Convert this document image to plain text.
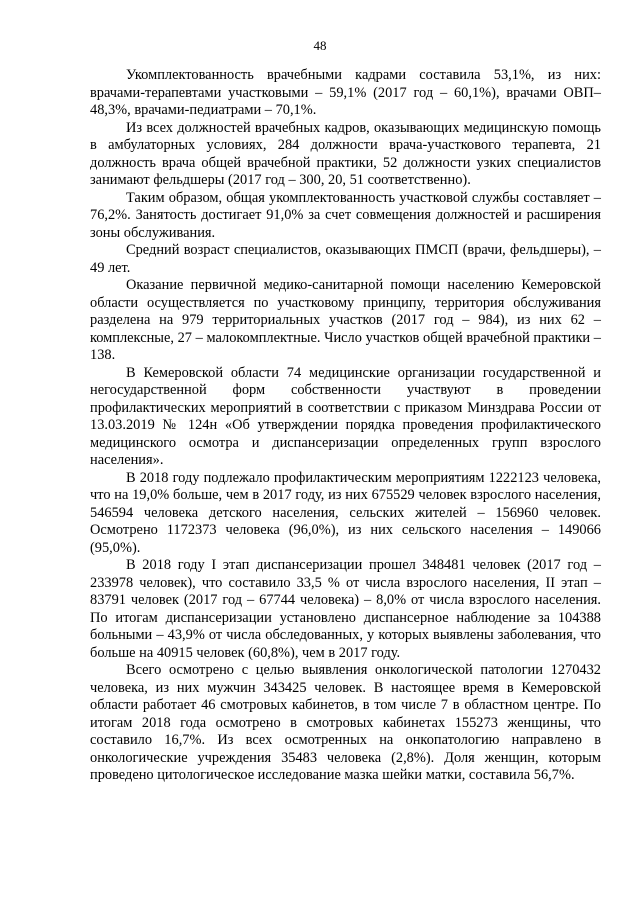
48

Укомплектованность врачебными кадрами составила 53,1%, из них: врачами-терапевтами участковыми – 59,1% (2017 год – 60,1%), врачами ОВП– 48,3%, врачами-педиатрами – 70,1%.

Из всех должностей врачебных кадров, оказывающих медицинскую помощь в амбулаторных условиях, 284 должности врача-участкового терапевта, 21 должность врача общей врачебной практики, 52 должности узких специалистов занимают фельдшеры (2017 год – 300, 20, 51 соответственно).

Таким образом, общая укомплектованность участковой службы составляет – 76,2%. Занятость достигает 91,0% за счет совмещения должностей и расширения зоны обслуживания.

Средний возраст специалистов, оказывающих ПМСП (врачи, фельдшеры), – 49 лет.

Оказание первичной медико-санитарной помощи населению Кемеровской области осуществляется по участковому принципу, территория обслуживания разделена на 979 территориальных участков (2017 год – 984), из них 62 – комплексные, 27 – малокомплектные. Число участков общей врачебной практики – 138.

В Кемеровской области 74 медицинские организации государственной и негосударственной форм собственности участвуют в проведении профилактических мероприятий в соответствии с приказом Минздрава России от 13.03.2019 № 124н «Об утверждении порядка проведения профилактического медицинского осмотра и диспансеризации определенных групп взрослого населения».

В 2018 году подлежало профилактическим мероприятиям 1222123 человека, что на 19,0% больше, чем в 2017 году, из них 675529 человек взрослого населения, 546594 человека детского населения, сельских жителей – 156960 человек. Осмотрено 1172373 человека (96,0%), из них сельского населения – 149066 (95,0%).

В 2018 году I этап диспансеризации прошел 348481 человек (2017 год – 233978 человек), что составило 33,5 % от числа взрослого населения, II этап – 83791 человек (2017 год – 67744 человека) – 8,0% от числа взрослого населения. По итогам диспансеризации установлено диспансерное наблюдение за 104388 больными – 43,9% от числа обследованных, у которых выявлены заболевания, что больше на 40915 человек (60,8%), чем в 2017 году.

Всего осмотрено с целью выявления онкологической патологии 1270432 человека, из них мужчин 343425 человек. В настоящее время в Кемеровской области работает 46 смотровых кабинетов, в том числе 7 в областном центре. По итогам 2018 года осмотрено в смотровых кабинетах 155273 женщины, что составило 16,7%. Из всех осмотренных на онкопатологию направлено в онкологические учреждения 35483 человека (2,8%). Доля женщин, которым проведено цитологическое исследование мазка шейки матки, составила 56,7%.
